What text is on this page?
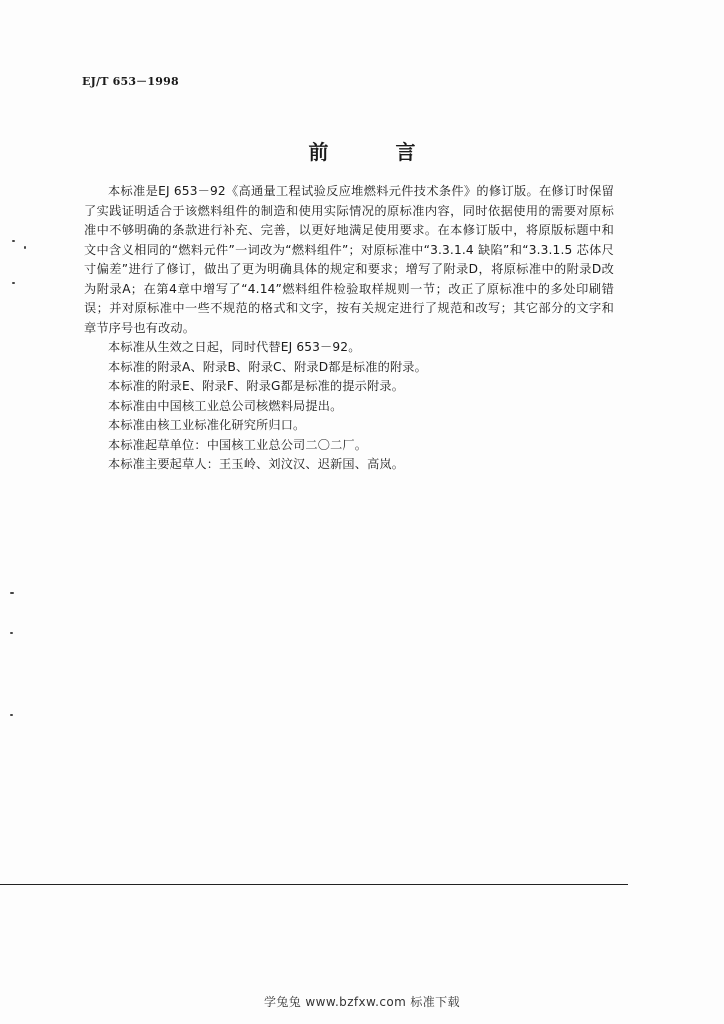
EJ/T 653－1998
前 言

本标准是EJ 653－92《高通量工程试验反应堆燃料元件技术条件》的修订版。在修订时保留了实践证明适合于该燃料组件的制造和使用实际情况的原标准内容，同时依据使用的需要对原标准中不够明确的条款进行补充、完善，以更好地满足使用要求。在本修订版中，将原版标题中和文中含义相同的“燃料元件”一词改为“燃料组件”；对原标准中“3.3.1.4 缺陷”和“3.3.1.5 芯体尺寸偏差”进行了修订，做出了更为明确具体的规定和要求；增写了附录D，将原标准中的附录D改为附录A；在第4章中增写了“4.14”燃料组件检验取样规则一节；改正了原标准中的多处印刷错误；并对原标准中一些不规范的格式和文字，按有关规定进行了规范和改写；其它部分的文字和章节序号也有改动。

本标准从生效之日起，同时代替EJ 653－92。

本标准的附录A、附录B、附录C、附录D都是标准的附录。

本标准的附录E、附录F、附录G都是标准的提示附录。

本标准由中国核工业总公司核燃料局提出。

本标准由核工业标准化研究所归口。

本标准起草单位：中国核工业总公司二〇二厂。

本标准主要起草人：王玉岭、刘汶汉、迟新国、高岚。

学兔兔 www.bzfxw.com 标准下载
